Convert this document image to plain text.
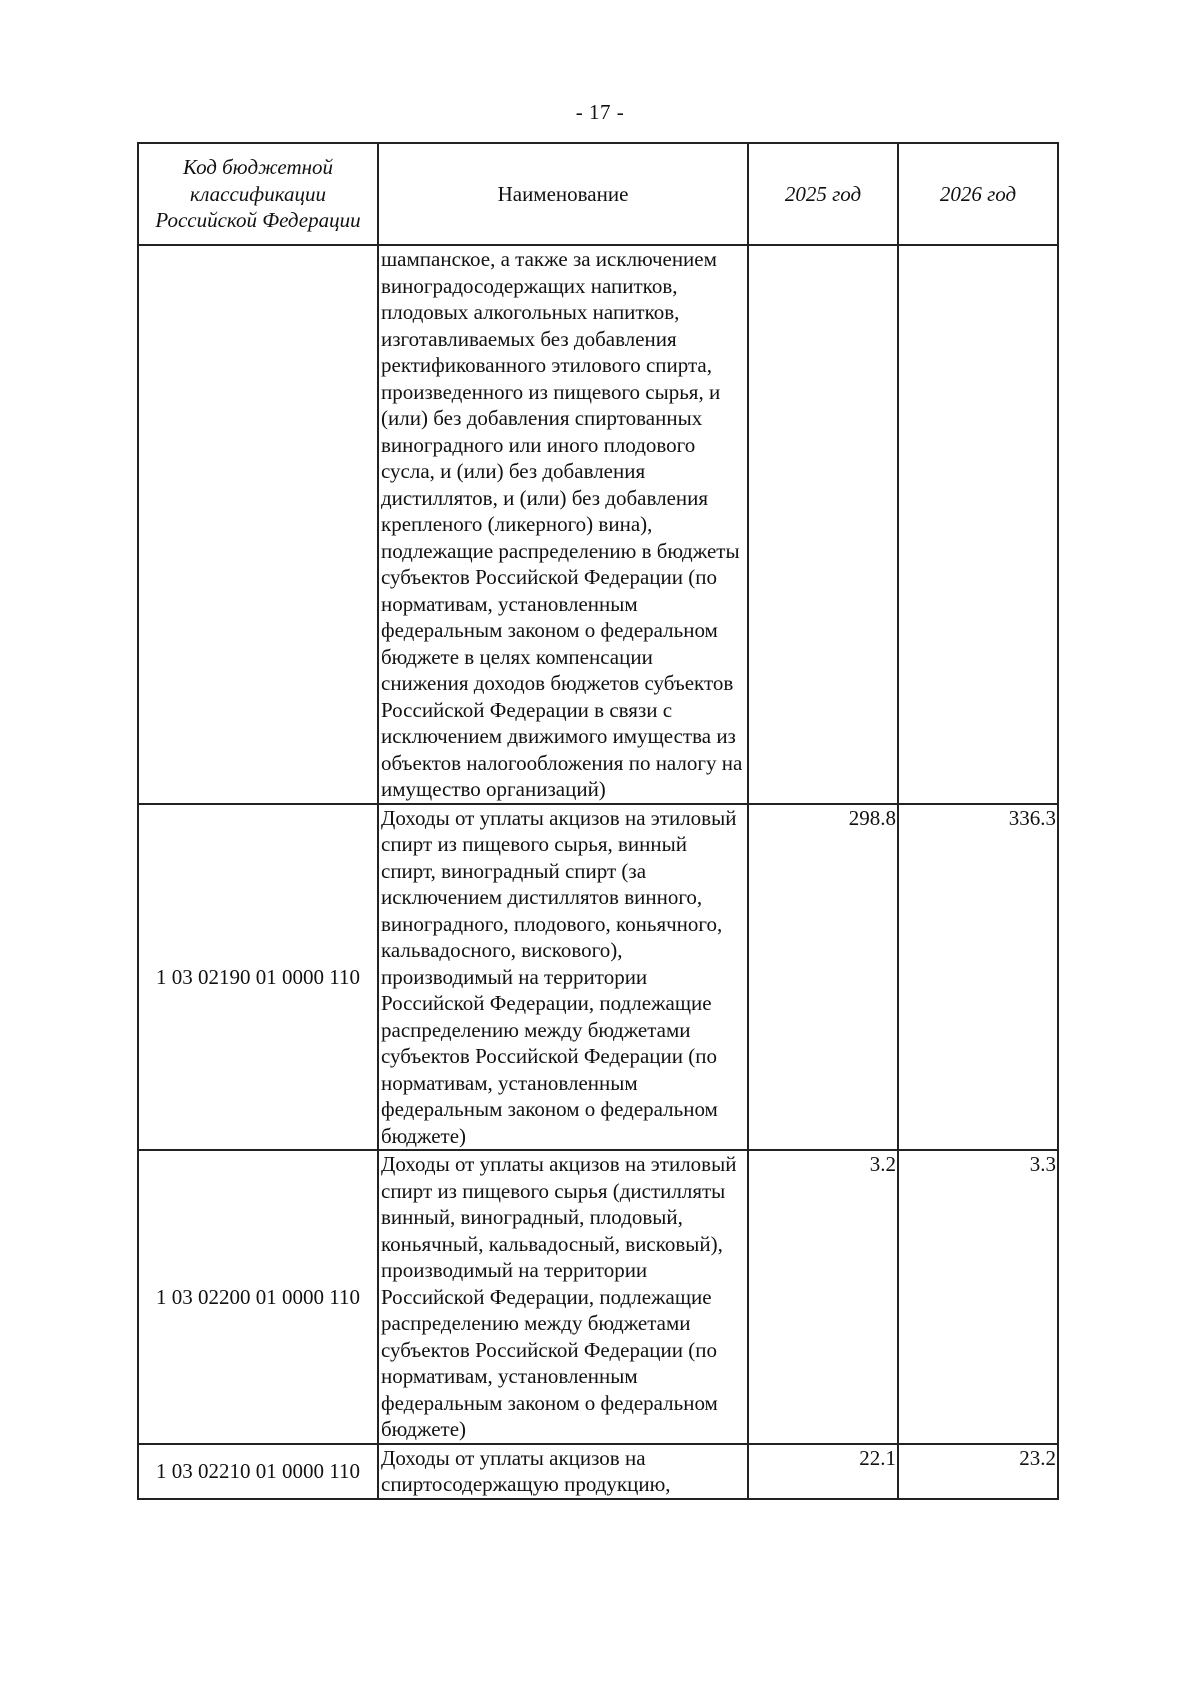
- 17 -
Код бюджетной классификации Российской Федерации	Наименование	2025 год	2026 год
	шампанское, а также за исключением виноградосодержащих напитков, плодовых алкогольных напитков, изготавливаемых без добавления ректификованного этилового спирта, произведенного из пищевого сырья, и (или) без добавления спиртованных виноградного или иного плодового сусла, и (или) без добавления дистиллятов, и (или) без добавления крепленого (ликерного) вина), подлежащие распределению в бюджеты субъектов Российской Федерации (по нормативам, установленным федеральным законом о федеральном бюджете в целях компенсации снижения доходов бюджетов субъектов Российской Федерации в связи с исключением движимого имущества из объектов налогообложения по налогу на имущество организаций)		
1 03 02190 01 0000 110	Доходы от уплаты акцизов на этиловый спирт из пищевого сырья, винный спирт, виноградный спирт (за исключением дистиллятов винного, виноградного, плодового, коньячного, кальвадосного, вискового), производимый на территории Российской Федерации, подлежащие распределению между бюджетами субъектов Российской Федерации (по нормативам, установленным федеральным законом о федеральном бюджете)	298.8	336.3
1 03 02200 01 0000 110	Доходы от уплаты акцизов на этиловый спирт из пищевого сырья (дистилляты винный, виноградный, плодовый, коньячный, кальвадосный, висковый), производимый на территории Российской Федерации, подлежащие распределению между бюджетами субъектов Российской Федерации (по нормативам, установленным федеральным законом о федеральном бюджете)	3.2	3.3
1 03 02210 01 0000 110	Доходы от уплаты акцизов на спиртосодержащую продукцию,	22.1	23.2
